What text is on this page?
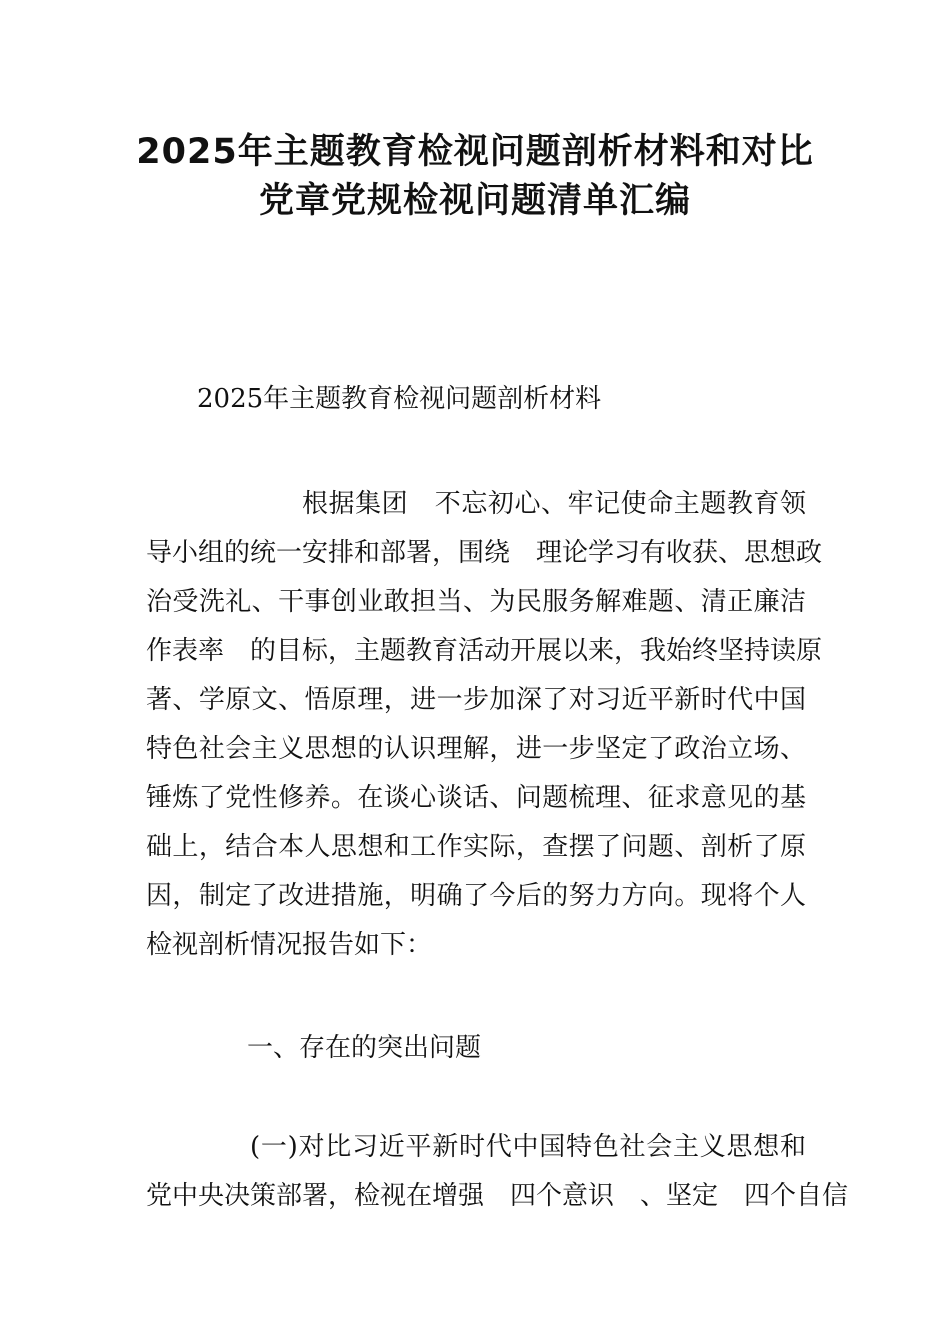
2025年主题教育检视问题剖析材料和对比
党章党规检视问题清单汇编
2025年主题教育检视问题剖析材料
根据集团　不忘初心、牢记使命主题教育领
导小组的统一安排和部署，围绕　理论学习有收获、思想政
治受洗礼、干事创业敢担当、为民服务解难题、清正廉洁
作表率　的目标，主题教育活动开展以来，我始终坚持读原
著、学原文、悟原理，进一步加深了对习近平新时代中国
特色社会主义思想的认识理解，进一步坚定了政治立场、
锤炼了党性修养。在谈心谈话、问题梳理、征求意见的基
础上，结合本人思想和工作实际，查摆了问题、剖析了原
因，制定了改进措施，明确了今后的努力方向。现将个人
检视剖析情况报告如下：
一、存在的突出问题
(一)对比习近平新时代中国特色社会主义思想和
党中央决策部署，检视在增强　四个意识　、坚定　四个自信
